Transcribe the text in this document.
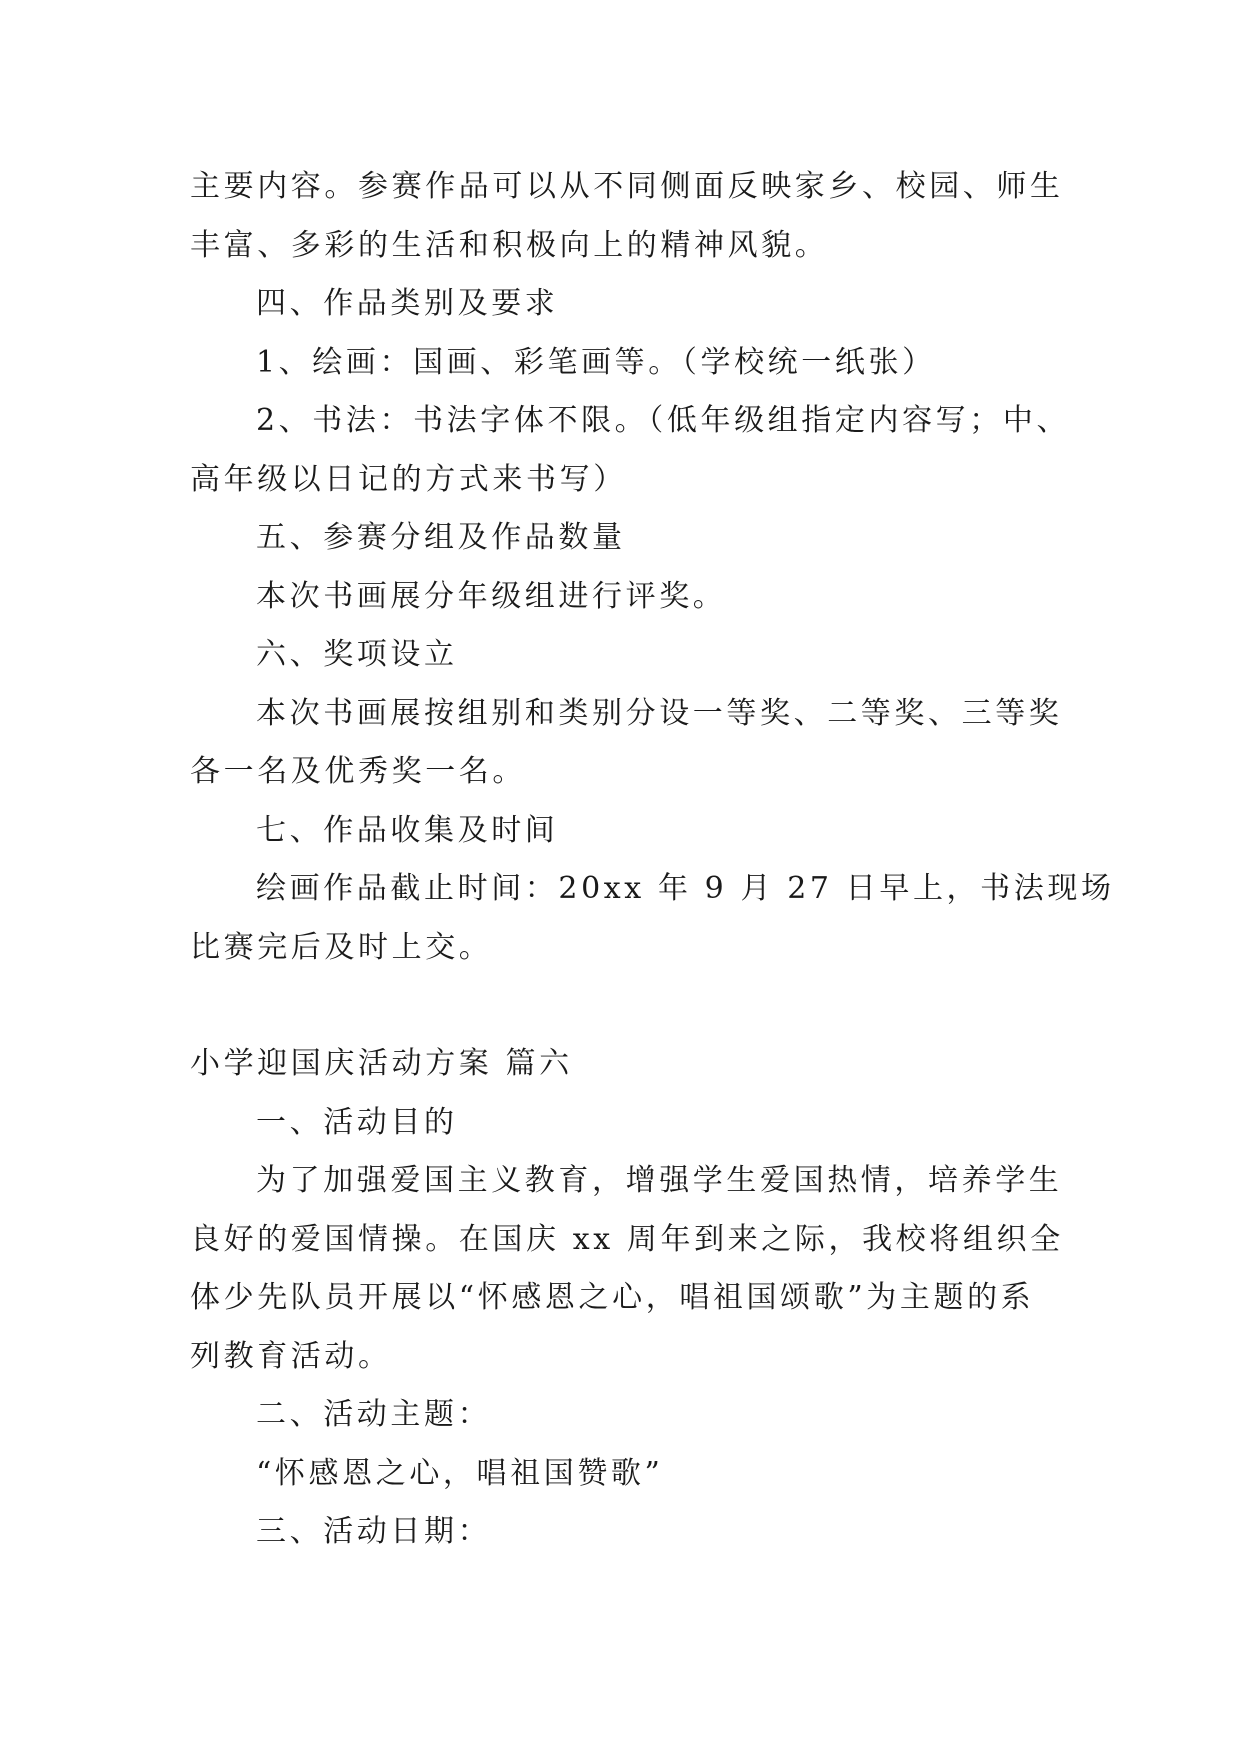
主要内容。参赛作品可以从不同侧面反映家乡、校园、师生
丰富、多彩的生活和积极向上的精神风貌。
四、作品类别及要求
1、绘画：国画、彩笔画等。（学校统一纸张）
2、书法：书法字体不限。（低年级组指定内容写；中、
高年级以日记的方式来书写）
五、参赛分组及作品数量
本次书画展分年级组进行评奖。
六、奖项设立
本次书画展按组别和类别分设一等奖、二等奖、三等奖
各一名及优秀奖一名。
七、作品收集及时间
绘画作品截止时间：20xx 年 9 月 27 日早上，书法现场
比赛完后及时上交。
小学迎国庆活动方案 篇六
一、活动目的
为了加强爱国主义教育，增强学生爱国热情，培养学生
良好的爱国情操。在国庆 xx 周年到来之际，我校将组织全
体少先队员开展以“怀感恩之心，唱祖国颂歌”为主题的系
列教育活动。
二、活动主题：
“怀感恩之心，唱祖国赞歌”
三、活动日期：
